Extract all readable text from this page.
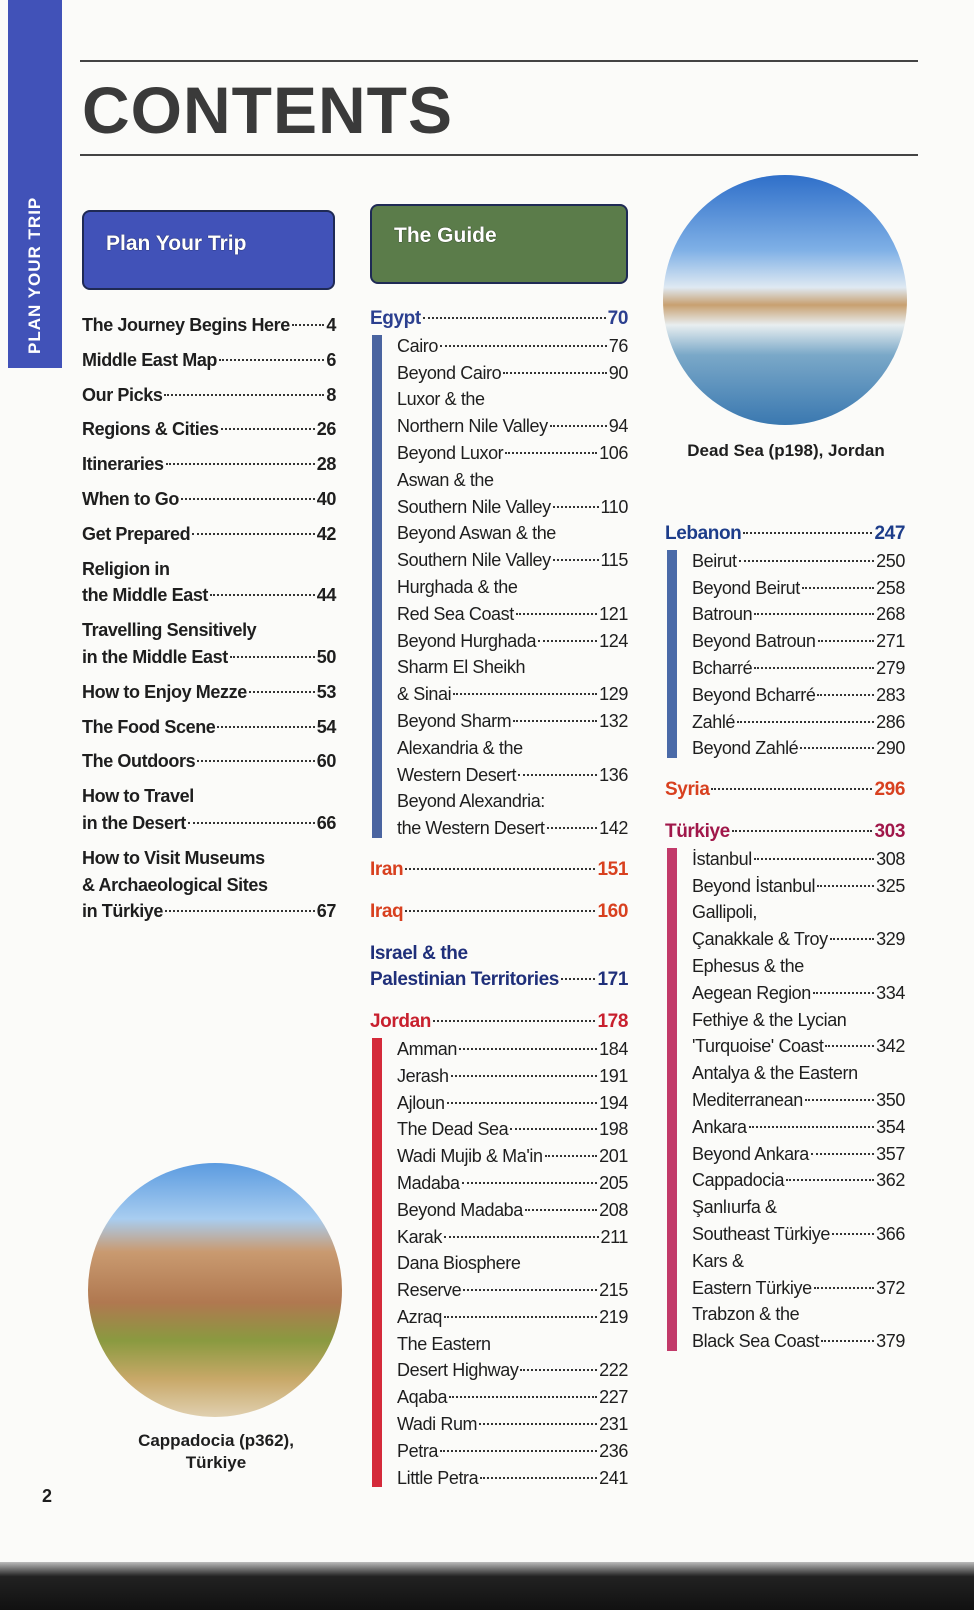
PLAN YOUR TRIP
CONTENTS
Plan Your Trip	The Guide
The Journey Begins Here 4
Middle East Map	6
Our Picks	8
Regions & Cities	26
Itineraries	28
When to Go	40
Get Prepared	42
Religion in
the Middle East	44
Travelling Sensitively
in the Middle East	50
How to Enjoy Mezze	53
The Food Scene	54
The Outdoors	60
How to Travel
in the Desert	66
How to Visit Museums
& Archaeological Sites
in Türkiye	67
Egypt	70
Cairo	76
Beyond Cairo	90
Luxor & the
Northern Nile Valley	94
Beyond Luxor	106
Aswan & the
Southern Nile Valley	110
Beyond Aswan & the
Southern Nile Valley	115
Hurghada & the
Red Sea Coast	121
Beyond Hurghada	124
Sharm El Sheikh
& Sinai	129
Beyond Sharm	132
Alexandria & the
Western Desert	136
Beyond Alexandria:
the Western Desert	142
Iran	151
Iraq	160
Israel & the
Palestinian Territories 171
Jordan	178
Amman	184
Jerash	191
Ajloun	194
The Dead Sea	198
Wadi Mujib & Ma'in	201
Madaba	205
Beyond Madaba	208
Karak	211
Dana Biosphere
Reserve	215
Azraq	219
The Eastern
Desert Highway	222
Aqaba	227
Wadi Rum	231
Petra	236
Little Petra	241
Lebanon	247
Beirut	250
Beyond Beirut	258
Batroun	268
Beyond Batroun	271
Bcharré	279
Beyond Bcharré	283
Zahlé	286
Beyond Zahlé	290
Syria	296
Türkiye	303
İstanbul	308
Beyond İstanbul	325
Gallipoli,
Çanakkale & Troy	329
Ephesus & the
Aegean Region	334
Fethiye & the Lycian
'Turquoise' Coast	342
Antalya & the Eastern
Mediterranean	350
Ankara	354
Beyond Ankara	357
Cappadocia	362
Şanlıurfa &
Southeast Türkiye	366
Kars &
Eastern Türkiye	372
Trabzon & the
Black Sea Coast	379
Dead Sea (p198), Jordan
Cappadocia (p362),
Türkiye
2
